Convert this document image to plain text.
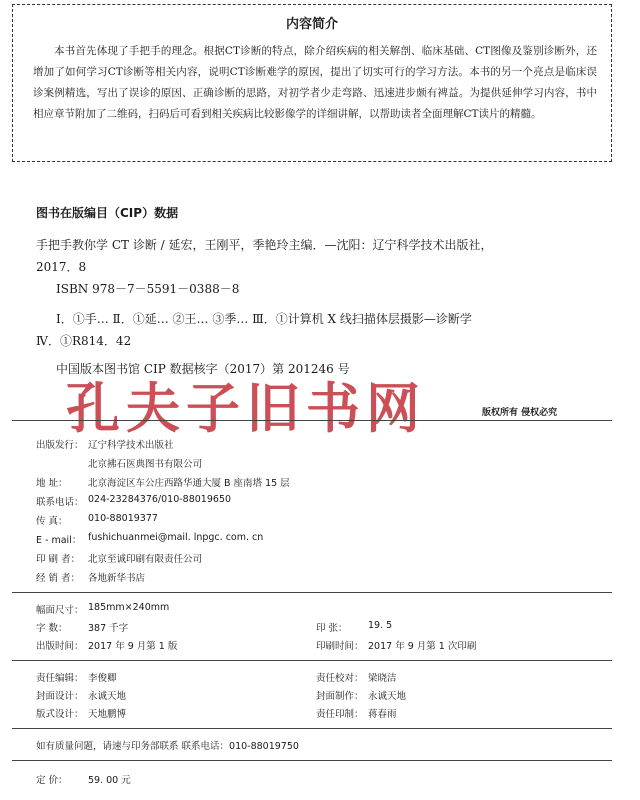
内容简介
本书首先体现了手把手的理念。根据CT诊断的特点，除介绍疾病的相关解剖、临床基础、CT图像及鉴别诊断外，还增加了如何学习CT诊断等相关内容，说明CT诊断难学的原因，提出了切实可行的学习方法。本书的另一个亮点是临床误诊案例精选，写出了误诊的原因、正确诊断的思路，对初学者少走弯路、迅速进步颇有裨益。为提供延伸学习内容，书中相应章节附加了二维码，扫码后可看到相关疾病比较影像学的详细讲解，以帮助读者全面理解CT读片的精髓。
图书在版编目（CIP）数据
手把手教你学 CT 诊断 / 延宏，王刚平，季艳玲主编．—沈阳：辽宁科学技术出版社，
2017．8
ISBN 978－7－5591－0388－8
Ⅰ．①手… Ⅱ．①延… ②王… ③季… Ⅲ．①计算机 X 线扫描体层摄影—诊断学
Ⅳ．①R814．42
中国版本图书馆 CIP 数据核字（2017）第 201246 号
孔夫子旧书网	版权所有 侵权必究
出版发行： 辽宁科学技术出版社
北京拂石医典图书有限公司
地 址： 北京海淀区车公庄西路华通大厦 B 座南塔 15 层
联系电话： 024-23284376/010-88019650
传 真： 010-88019377
E - mail： fushichuanmei@mail. lnpgc. com. cn
印 刷 者： 北京至诚印刷有限责任公司
经 销 者： 各地新华书店
幅面尺寸： 185mm×240mm
字 数： 387 千字	印 张： 19. 5
出版时间： 2017 年 9 月第 1 版	印刷时间： 2017 年 9 月第 1 次印刷
责任编辑： 李俊卿	责任校对： 梁晓洁
封面设计： 永诚天地	封面制作： 永诚天地
版式设计： 天地鹏博	责任印制： 蒋春雨
如有质量问题，请速与印务部联系 联系电话：010-88019750
定 价： 59. 00 元
